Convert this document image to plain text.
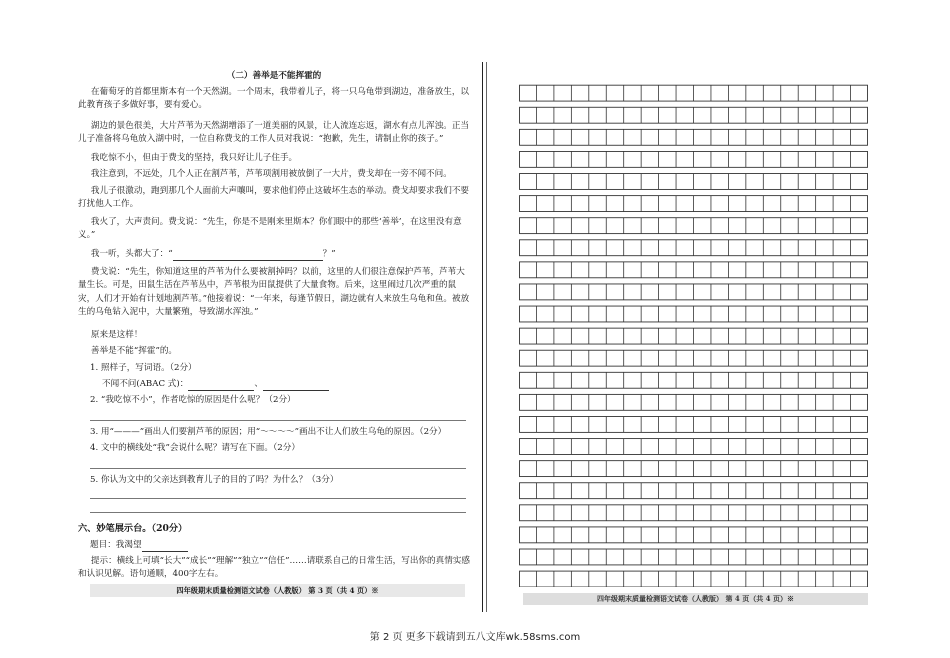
（二）善举是不能挥霍的
在葡萄牙的首都里斯本有一个天然湖。一个周末，我带着儿子，将一只乌龟带到湖边，准备放生，以此教育孩子多做好事，要有爱心。
湖边的景色很美，大片芦苇为天然湖增添了一道美丽的风景，让人流连忘返，湖水有点儿浑浊。正当儿子准备将乌龟放入湖中时，一位自称费戈的工作人员对我说：“抱歉，先生，请制止你的孩子。”
我吃惊不小，但由于费戈的坚持，我只好让儿子住手。
我注意到，不远处，几个人正在割芦苇，芦苇项割用被放倒了一大片，费戈却在一旁不闻不问。
我儿子很激动，跑到那几个人面前大声嚷叫，要求他们停止这破坏生态的举动。费戈却要求我们不要打扰他人工作。
我火了，大声责问。费戈说：“先生，你是不是刚来里斯本？你们眼中的那些‘善举’，在这里没有意义。”
我一听，头都大了：“	？”
费戈说：“先生，你知道这里的芦苇为什么要被割掉吗？以前，这里的人们很注意保护芦苇，芦苇大量生长。可是，田鼠生活在芦苇丛中，芦苇根为田鼠提供了大量食物。后来，这里闹过几次严重的鼠灾，人们才开始有计划地割芦苇。”他接着说：“一年来，每逢节假日，湖边就有人来放生乌龟和鱼。被放生的乌龟钻入泥中，大量繁殖，导致湖水浑浊。”
原来是这样！
善举是不能“挥霍”的。
1. 照样子，写词语。（2分）
不闻不问(ABAC 式)：	、
2. “我吃惊不小”，作者吃惊的原因是什么呢？（2分）
3. 用“———”画出人们要割芦苇的原因；用“～～～～”画出不让人们放生乌龟的原因。（2分）
4. 文中的横线处“我”会说什么呢？请写在下面。（2分）
5. 你认为文中的父亲达到教育儿子的目的了吗？为什么？（3分）
六、妙笔展示台。（20分）
题目：我渴望
提示：横线上可填“长大”“成长”“理解”“独立”“信任”……请联系自己的日常生活，写出你的真情实感和认识见解。语句通顺，400字左右。
四年级期末质量检测语文试卷（人教版） 第 3 页（共 4 页）※
四年级期末质量检测语文试卷（人教版） 第 4 页（共 4 页）※
第 2 页 更多下载请到五八文库wk.58sms.com
